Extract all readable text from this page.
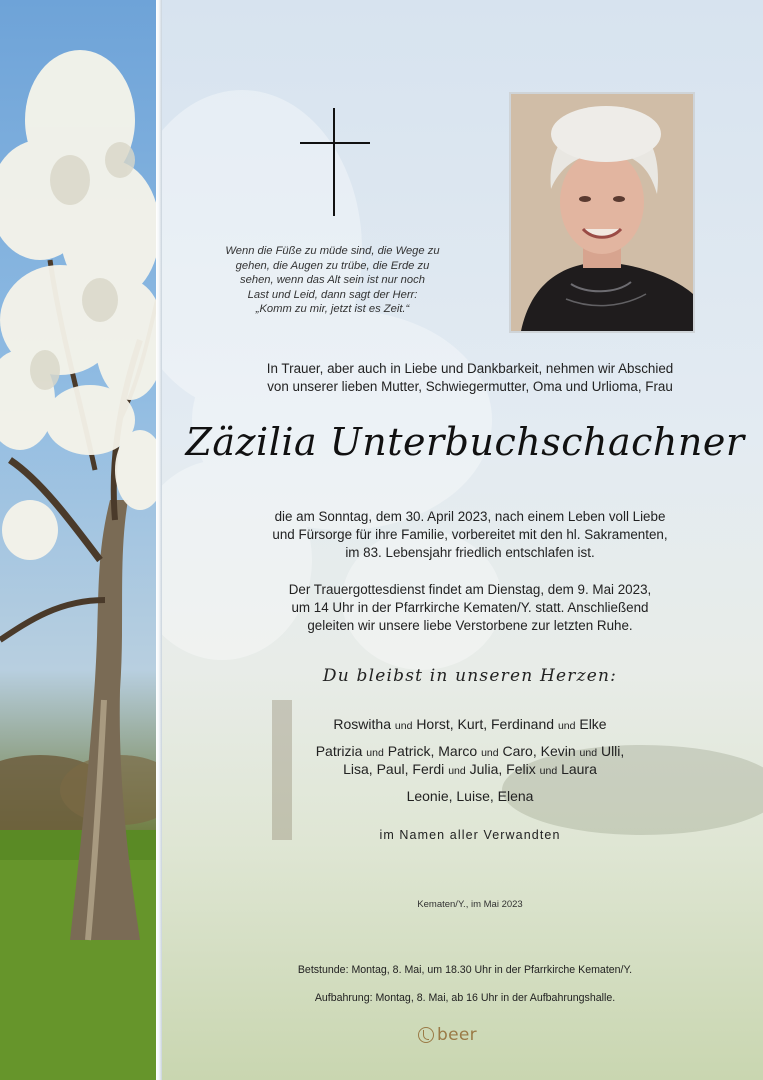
Wenn die Füße zu müde sind, die Wege zu
gehen, die Augen zu trübe, die Erde zu
sehen, wenn das Alt sein ist nur noch
Last und Leid, dann sagt der Herr:
„Komm zu mir, jetzt ist es Zeit.“
In Trauer, aber auch in Liebe und Dankbarkeit, nehmen wir Abschied
von unserer lieben Mutter, Schwiegermutter, Oma und Urlioma, Frau
Zäzilia Unterbuchschachner
die am Sonntag, dem 30. April 2023, nach einem Leben voll Liebe
und Fürsorge für ihre Familie, vorbereitet mit den hl. Sakramenten,
im 83. Lebensjahr friedlich entschlafen ist.
Der Trauergottesdienst findet am Dienstag, dem 9. Mai 2023,
um 14 Uhr in der Pfarrkirche Kematen/Y. statt. Anschließend
geleiten wir unsere liebe Verstorbene zur letzten Ruhe.
Du bleibst in unseren Herzen:
Roswitha und Horst, Kurt, Ferdinand und Elke
Patrizia und Patrick, Marco und Caro, Kevin und Ulli,
Lisa, Paul, Ferdi und Julia, Felix und Laura
Leonie, Luise, Elena
im Namen aller Verwandten
Kematen/Y., im Mai 2023
Betstunde: Montag, 8. Mai, um 18.30 Uhr in der Pfarrkirche Kematen/Y.
Aufbahrung: Montag, 8. Mai, ab 16 Uhr in der Aufbahrungshalle.
beer
